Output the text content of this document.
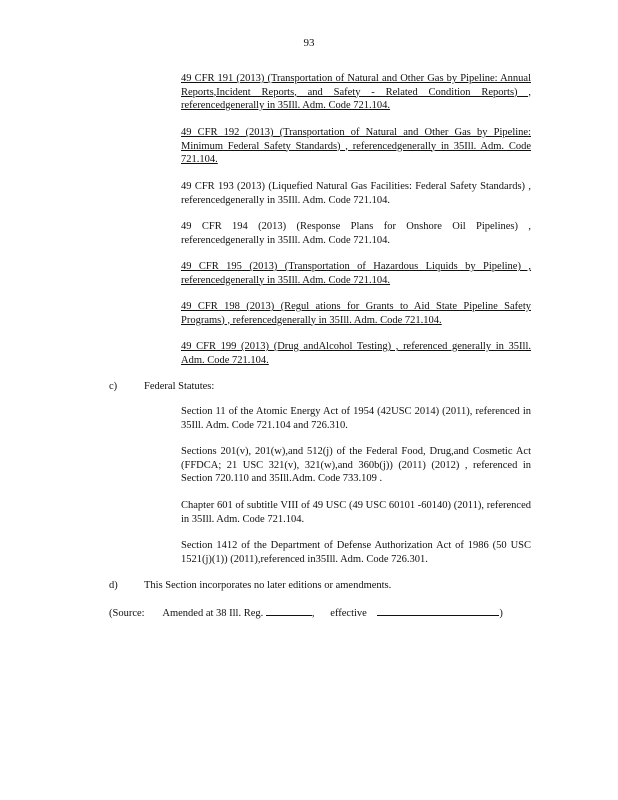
93
49 CFR 191 (2013) (Transportation of Natural and Other Gas by Pipeline: Annual Reports,Incident Reports, and Safety - Related Condition Reports) , referencedgenerally in 35Ill. Adm. Code 721.104.
49 CFR 192 (2013) (Transportation of Natural and Other Gas by Pipeline: Minimum Federal Safety Standards) , referencedgenerally in 35Ill. Adm. Code 721.104.
49 CFR 193 (2013) (Liquefied Natural Gas Facilities: Federal Safety Standards) , referencedgenerally in 35Ill. Adm. Code 721.104.
49 CFR 194 (2013) (Response Plans for Onshore Oil Pipelines) , referencedgenerally in 35Ill. Adm. Code 721.104.
49 CFR 195 (2013) (Transportation of Hazardous Liquids by Pipeline) , referencedgenerally in 35Ill. Adm. Code 721.104.
49 CFR 198 (2013) (Regul ations for Grants to Aid State Pipeline Safety Programs) , referencedgenerally in 35Ill. Adm. Code 721.104.
49 CFR 199 (2013) (Drug andAlcohol Testing) , referenced generally in 35Ill. Adm. Code 721.104.
c)	Federal Statutes:
Section 11 of the Atomic Energy Act of 1954 (42USC 2014) (2011), referenced in 35Ill. Adm. Code 721.104 and 726.310.
Sections 201(v), 201(w),and 512(j) of the Federal Food, Drug,and Cosmetic Act (FFDCA; 21 USC 321(v), 321(w),and 360b(j)) (2011) (2012) , referenced in Section 720.110 and 35Ill.Adm. Code 733.109 .
Chapter 601 of subtitle VIII of 49 USC (49 USC 60101 -60140) (2011), referenced in 35Ill. Adm. Code 721.104.
Section 1412 of the Department of Defense Authorization Act of 1986 (50 USC 1521(j)(1)) (2011),referenced in35Ill. Adm. Code 726.301.
d)	This Section incorporates no later editions or amendments.
(Source: Amended at 38 Ill. Reg.	, effective	)
